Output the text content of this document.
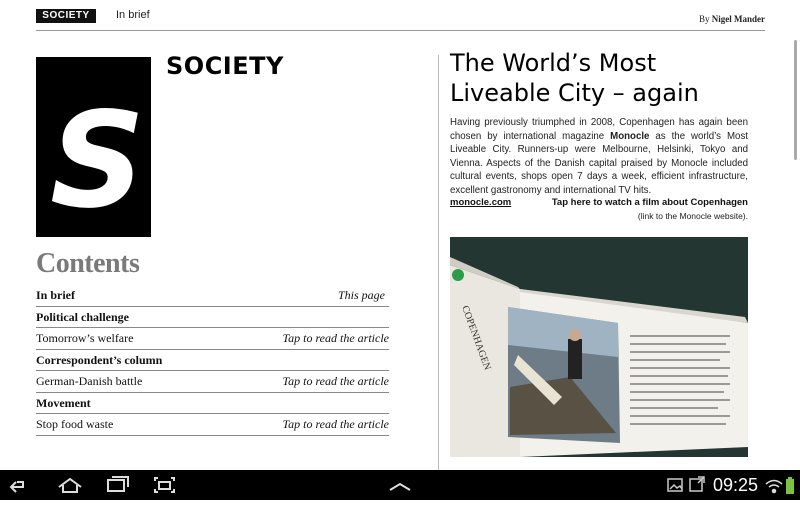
SOCIETY	In brief	By Nigel Mander
S
SOCIETY
Contents
In brief	This page
Political challenge
Tomorrow’s welfare	Tap to read the article
Correspondent’s column
German-Danish battle	Tap to read the article
Movement
Stop food waste	Tap to read the article
The World’s Most
Liveable City – again
Having previously triumphed in 2008, Copenhagen has again been chosen by international magazine Monocle as the world’s Most Liveable City. Runners-up were Melbourne, Helsinki, Tokyo and Vienna. Aspects of the Danish capital praised by Monocle included cultural events, shops open 7 days a week, efficient infrastructure, excellent gastronomy and international TV hits.
monocle.com	Tap here to watch a film about Copenhagen
(link to the Monocle website).
COPENHAGEN
09:25
